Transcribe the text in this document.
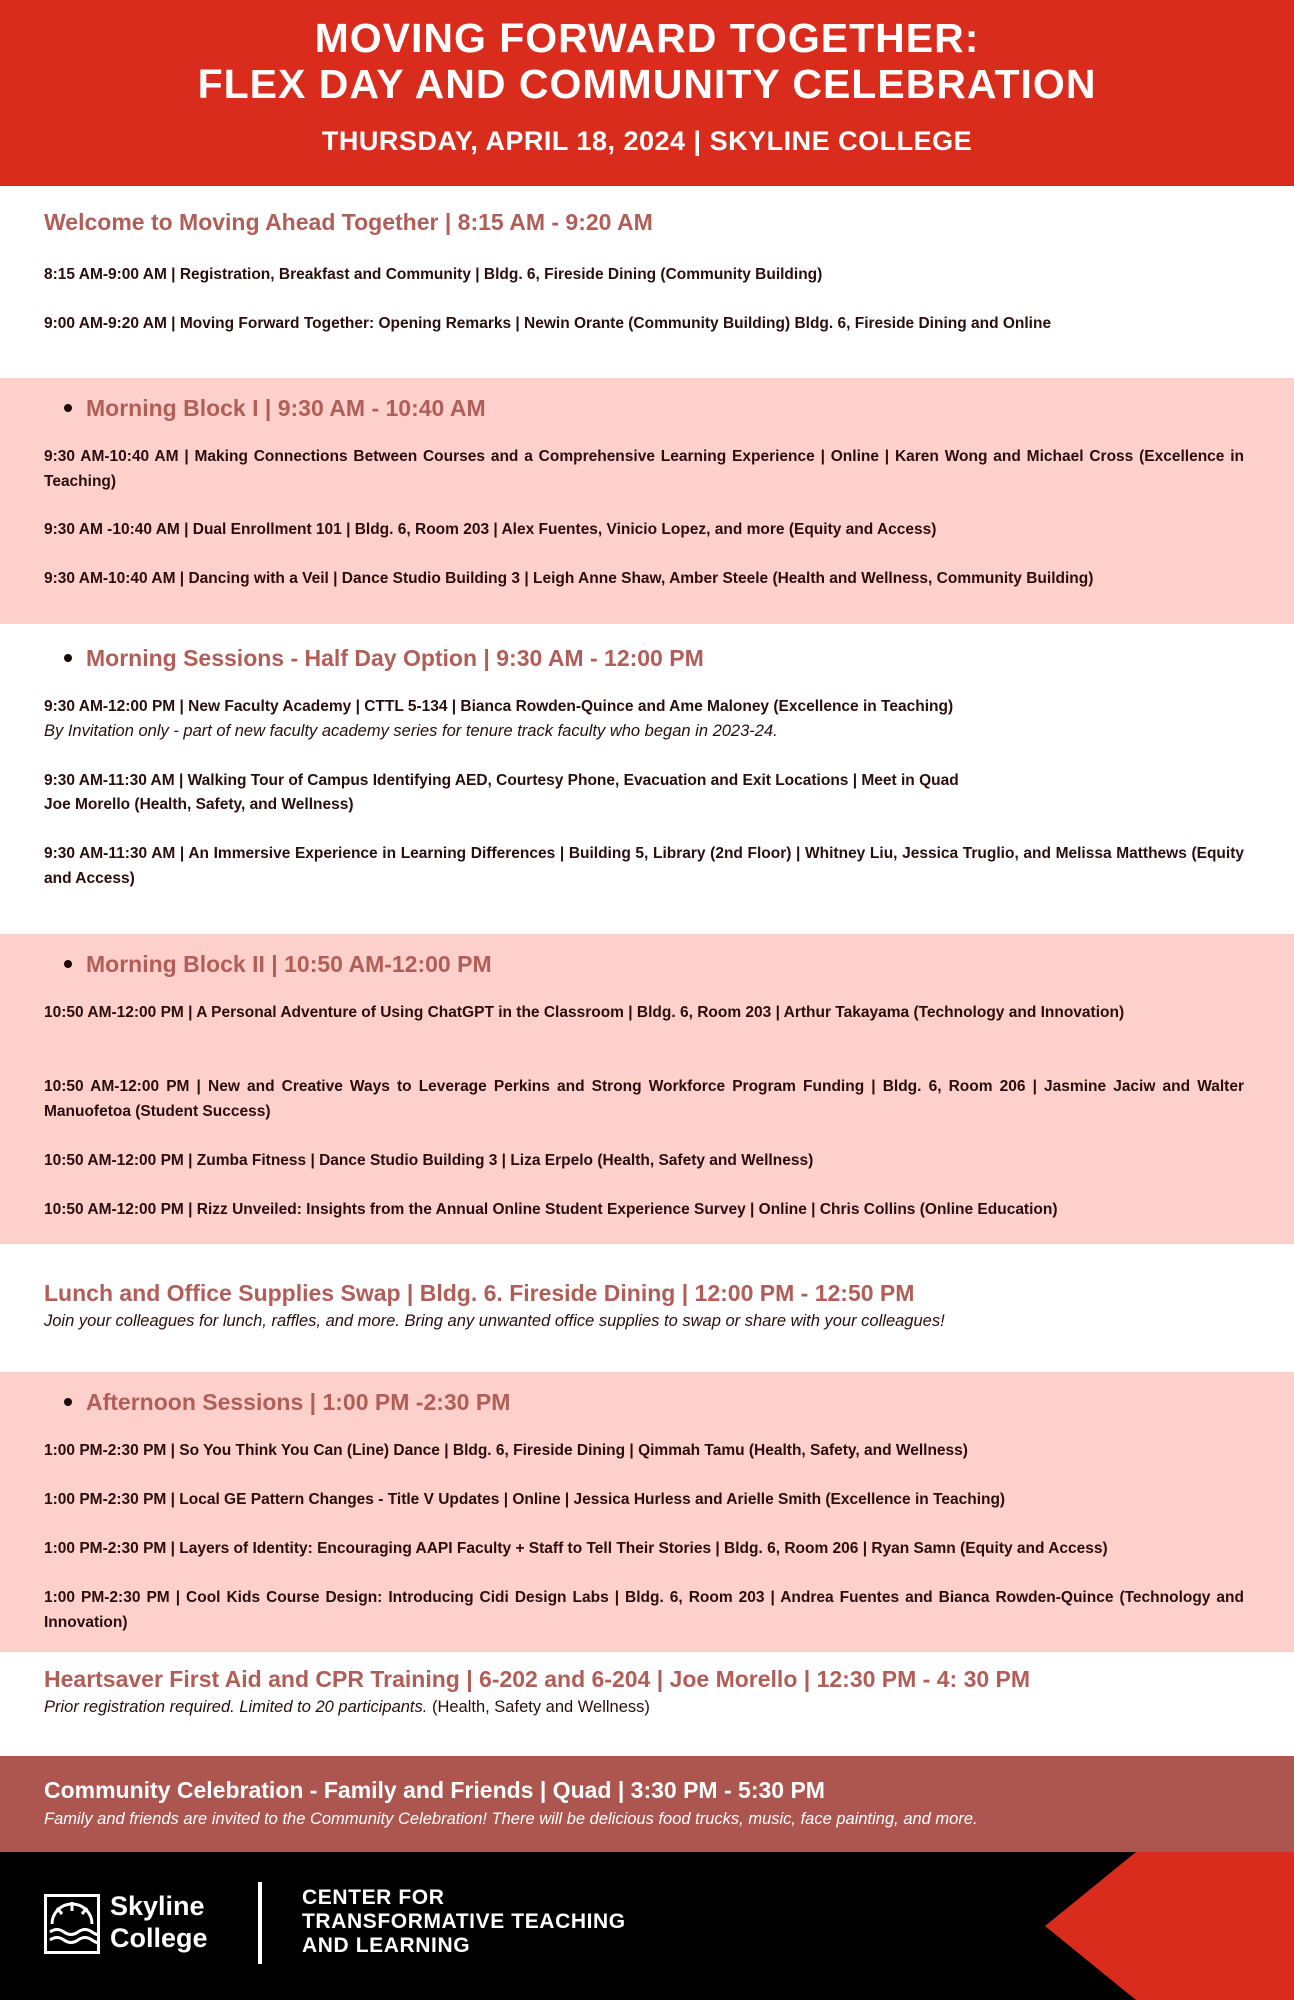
MOVING FORWARD TOGETHER:
FLEX DAY AND COMMUNITY CELEBRATION
THURSDAY, APRIL 18, 2024 | SKYLINE COLLEGE
Welcome to Moving Ahead Together | 8:15 AM - 9:20 AM
8:15 AM-9:00 AM | Registration, Breakfast and Community | Bldg. 6, Fireside Dining (Community Building)
9:00 AM-9:20 AM | Moving Forward Together: Opening Remarks | Newin Orante (Community Building) Bldg. 6, Fireside Dining and Online
Morning Block I | 9:30 AM - 10:40 AM
9:30 AM-10:40 AM | Making Connections Between Courses and a Comprehensive Learning Experience | Online | Karen Wong and Michael Cross (Excellence in Teaching)
9:30 AM -10:40 AM | Dual Enrollment 101 | Bldg. 6, Room 203 | Alex Fuentes, Vinicio Lopez, and more (Equity and Access)
9:30 AM-10:40 AM | Dancing with a Veil | Dance Studio Building 3 | Leigh Anne Shaw, Amber Steele (Health and Wellness, Community Building)
Morning Sessions - Half Day Option | 9:30 AM - 12:00 PM
9:30 AM-12:00 PM | New Faculty Academy | CTTL 5-134 | Bianca Rowden-Quince and Ame Maloney (Excellence in Teaching)
By Invitation only - part of new faculty academy series for tenure track faculty who began in 2023-24.
9:30 AM-11:30 AM | Walking Tour of Campus Identifying AED, Courtesy Phone, Evacuation and Exit Locations | Meet in Quad
Joe Morello (Health, Safety, and Wellness)
9:30 AM-11:30 AM | An Immersive Experience in Learning Differences | Building 5, Library (2nd Floor) | Whitney Liu, Jessica Truglio, and Melissa Matthews (Equity and Access)
Morning Block II | 10:50 AM-12:00 PM
10:50 AM-12:00 PM | A Personal Adventure of Using ChatGPT in the Classroom | Bldg. 6, Room 203 | Arthur Takayama (Technology and Innovation)
10:50 AM-12:00 PM | New and Creative Ways to Leverage Perkins and Strong Workforce Program Funding | Bldg. 6, Room 206 | Jasmine Jaciw and Walter Manuofetoa (Student Success)
10:50 AM-12:00 PM | Zumba Fitness | Dance Studio Building 3 | Liza Erpelo (Health, Safety and Wellness)
10:50 AM-12:00 PM | Rizz Unveiled: Insights from the Annual Online Student Experience Survey | Online | Chris Collins (Online Education)
Lunch and Office Supplies Swap | Bldg. 6. Fireside Dining | 12:00 PM - 12:50 PM
Join your colleagues for lunch, raffles, and more. Bring any unwanted office supplies to swap or share with your colleagues!
Afternoon Sessions | 1:00 PM -2:30 PM
1:00 PM-2:30 PM | So You Think You Can (Line) Dance | Bldg. 6, Fireside Dining | Qimmah Tamu (Health, Safety, and Wellness)
1:00 PM-2:30 PM | Local GE Pattern Changes - Title V Updates | Online | Jessica Hurless and Arielle Smith (Excellence in Teaching)
1:00 PM-2:30 PM | Layers of Identity: Encouraging AAPI Faculty + Staff to Tell Their Stories | Bldg. 6, Room 206 | Ryan Samn (Equity and Access)
1:00 PM-2:30 PM | Cool Kids Course Design: Introducing Cidi Design Labs | Bldg. 6, Room 203 | Andrea Fuentes and Bianca Rowden-Quince (Technology and Innovation)
Heartsaver First Aid and CPR Training | 6-202 and 6-204 | Joe Morello | 12:30 PM - 4: 30 PM
Prior registration required. Limited to 20 participants. (Health, Safety and Wellness)
Community Celebration - Family and Friends | Quad | 3:30 PM - 5:30 PM
Family and friends are invited to the Community Celebration! There will be delicious food trucks, music, face painting, and more.
Skyline
College
CENTER FOR
TRANSFORMATIVE TEACHING
AND LEARNING
